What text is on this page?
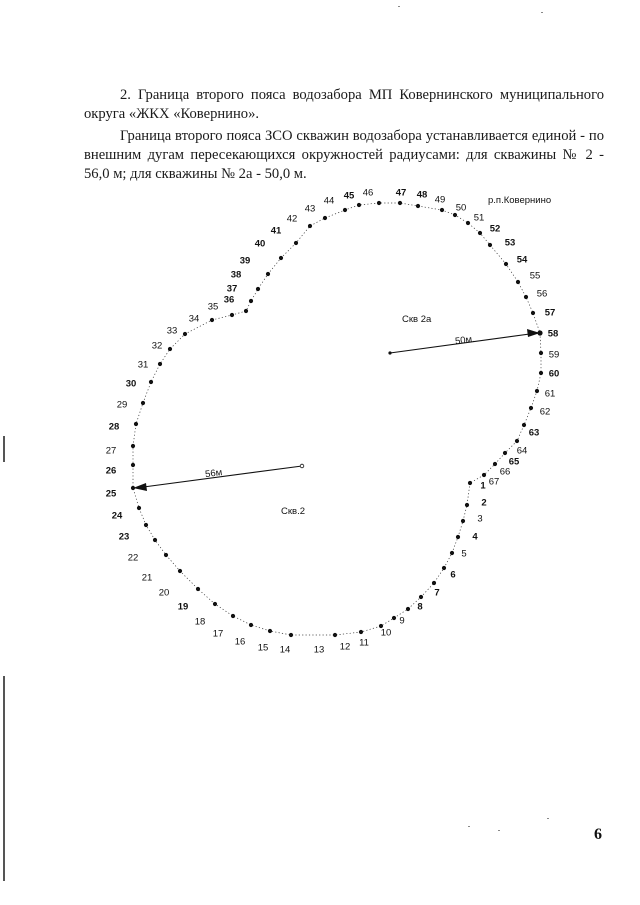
2. Граница второго пояса водозабора МП Ковернинского муниципального округа «ЖКХ «Ковернино».

Граница второго пояса ЗСО скважин водозабора устанавливается единой - по внешним дугам пересекающихся окружностей радиусами: для скважины № 2 - 56,0 м; для скважины № 2а - 50,0 м.

р.п.Ковернино
Скв.2
Скв 2а
56м
50м.
1
2
3
4
5
6
7
8
9
10
11
12
13
14
15
16
17
18
19
20
21
22
23
24
25
26
27
28
29
30
31
32
33
34
35
36
37
38
39
40
41
42
43
44 45 46 47 48 49
50
51
52
53
54
55
56
57
58
59
60
61
62
63
64
65
66
67
6
